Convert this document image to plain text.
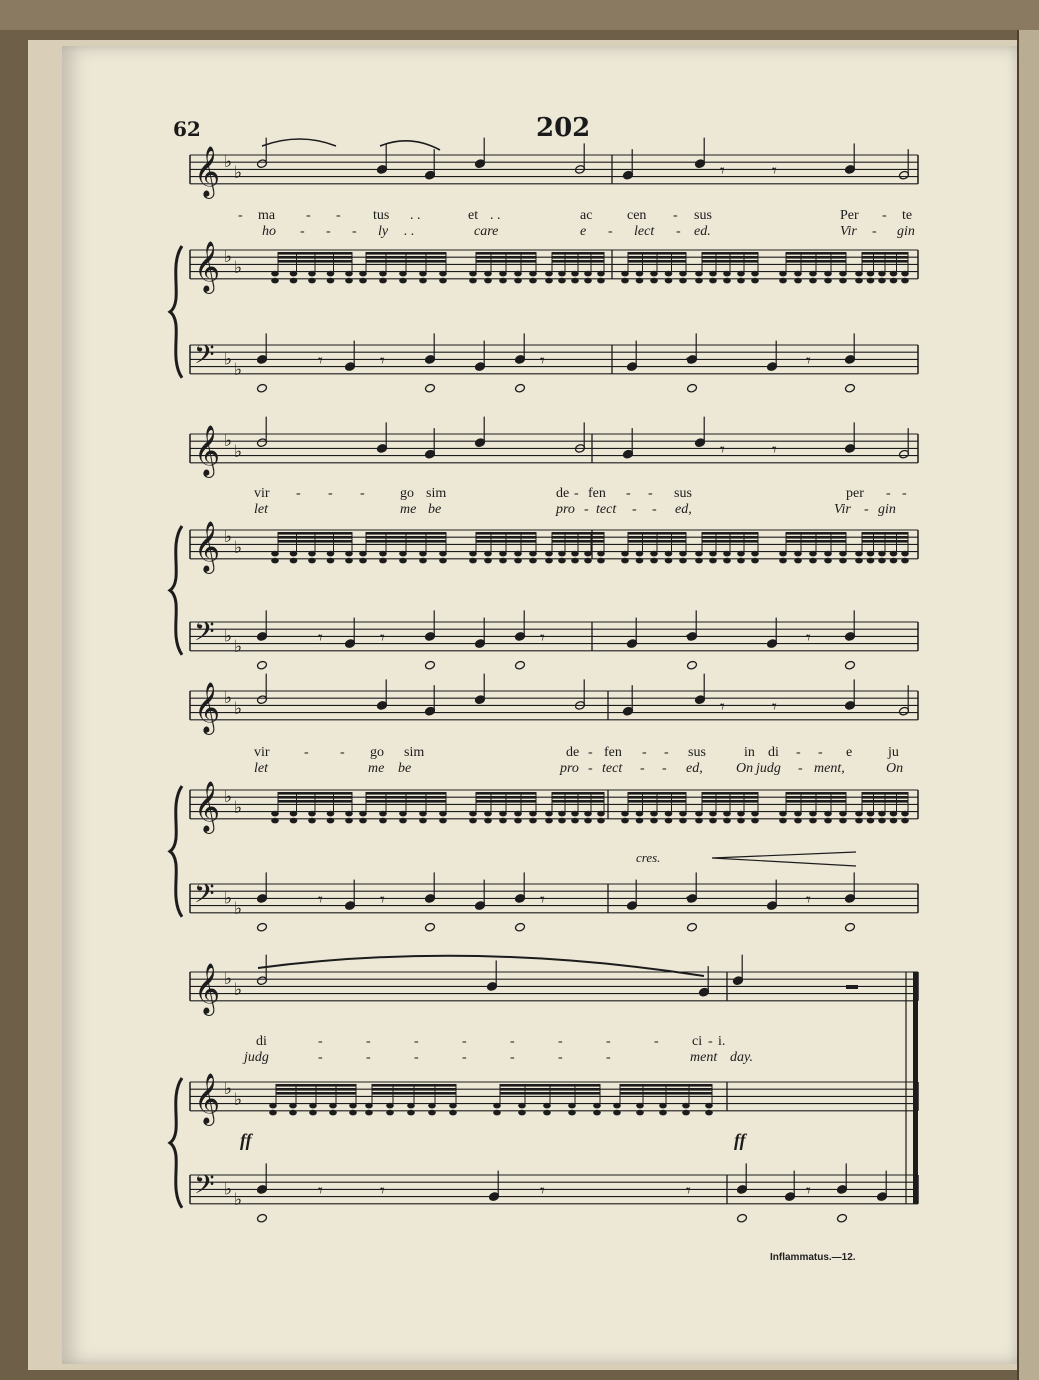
62	202
Inflammatus.—12.
𝄞 ♭
♭
𝄞 ♭
♭
𝄢 ♭
♭
𝄾	𝄾
𝄾	𝄾	𝄾	𝄾	𝄾
𝄞 ♭
♭
𝄞 ♭
♭
𝄢 ♭
♭
𝄾	𝄾
𝄾	𝄾	𝄾	𝄾	𝄾
𝄞 ♭
♭
𝄞 ♭
♭
𝄢 ♭
♭
𝄾	𝄾
𝄾	𝄾	𝄾	𝄾	𝄾
𝄞 ♭
♭
𝄞 ♭
♭
𝄢 ♭
♭	𝄾	𝄾	𝄾	𝄾	𝄾
- ma - - tus . .	et . .	ac cen - sus	Per - te
ho - - - ly . .	care	e - lect - ed.	Vir - gin
vir - - -	go sim	de - fen - - sus	per - -
let	me be	pro - tect - - ed,	Vir - gin
vir - - go sim	de - fen - - sus	in di - - e	ju
let	me be	pro - tect - - ed, On judg - ment,	On
di	-	-	-	-	-	-	-	- ci - i.
judg	-	-	-	-	-	-	-	ment day.
cres.
ff	ff
